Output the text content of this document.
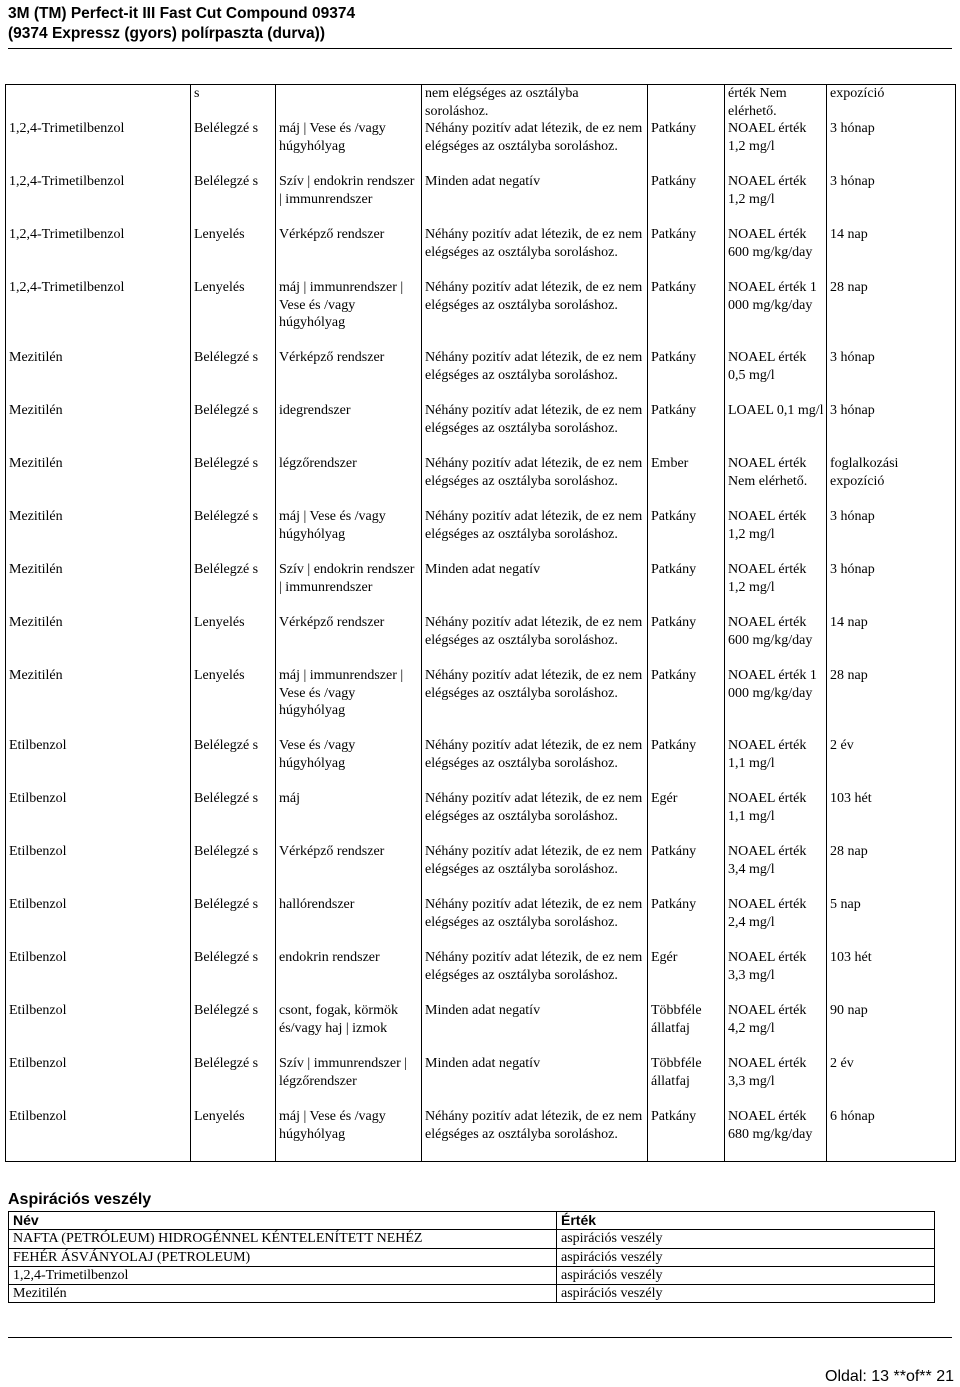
3M (TM) Perfect-it III Fast Cut Compound 09374

(9374 Expressz (gyors) polírpaszta (durva))

	s		nem elégséges az osztályba soroláshoz.		érték Nem elérhető.	expozíció
1,2,4-Trimetilbenzol	Belélegzé s	máj | Vese és /vagy húgyhólyag	Néhány pozitív adat létezik, de ez nem elégséges az osztályba soroláshoz.	Patkány	NOAEL érték 1,2 mg/l	3 hónap
1,2,4-Trimetilbenzol	Belélegzé s	Szív | endokrin rendszer | immunrendszer	Minden adat negatív	Patkány	NOAEL érték 1,2 mg/l	3 hónap
1,2,4-Trimetilbenzol	Lenyelés	Vérképző rendszer	Néhány pozitív adat létezik, de ez nem elégséges az osztályba soroláshoz.	Patkány	NOAEL érték 600 mg/kg/day	14 nap
1,2,4-Trimetilbenzol	Lenyelés	máj | immunrendszer | Vese és /vagy húgyhólyag	Néhány pozitív adat létezik, de ez nem elégséges az osztályba soroláshoz.	Patkány	NOAEL érték 1 000 mg/kg/day	28 nap
Mezitilén	Belélegzé s	Vérképző rendszer	Néhány pozitív adat létezik, de ez nem elégséges az osztályba soroláshoz.	Patkány	NOAEL érték 0,5 mg/l	3 hónap
Mezitilén	Belélegzé s	idegrendszer	Néhány pozitív adat létezik, de ez nem elégséges az osztályba soroláshoz.	Patkány	LOAEL 0,1 mg/l	3 hónap
Mezitilén	Belélegzé s	légzőrendszer	Néhány pozitív adat létezik, de ez nem elégséges az osztályba soroláshoz.	Ember	NOAEL érték Nem elérhető.	foglalkozási expozíció
Mezitilén	Belélegzé s	máj | Vese és /vagy húgyhólyag	Néhány pozitív adat létezik, de ez nem elégséges az osztályba soroláshoz.	Patkány	NOAEL érték 1,2 mg/l	3 hónap
Mezitilén	Belélegzé s	Szív | endokrin rendszer | immunrendszer	Minden adat negatív	Patkány	NOAEL érték 1,2 mg/l	3 hónap
Mezitilén	Lenyelés	Vérképző rendszer	Néhány pozitív adat létezik, de ez nem elégséges az osztályba soroláshoz.	Patkány	NOAEL érték 600 mg/kg/day	14 nap
Mezitilén	Lenyelés	máj | immunrendszer | Vese és /vagy húgyhólyag	Néhány pozitív adat létezik, de ez nem elégséges az osztályba soroláshoz.	Patkány	NOAEL érték 1 000 mg/kg/day	28 nap
Etilbenzol	Belélegzé s	Vese és /vagy húgyhólyag	Néhány pozitív adat létezik, de ez nem elégséges az osztályba soroláshoz.	Patkány	NOAEL érték 1,1 mg/l	2 év
Etilbenzol	Belélegzé s	máj	Néhány pozitív adat létezik, de ez nem elégséges az osztályba soroláshoz.	Egér	NOAEL érték 1,1 mg/l	103 hét
Etilbenzol	Belélegzé s	Vérképző rendszer	Néhány pozitív adat létezik, de ez nem elégséges az osztályba soroláshoz.	Patkány	NOAEL érték 3,4 mg/l	28 nap
Etilbenzol	Belélegzé s	hallórendszer	Néhány pozitív adat létezik, de ez nem elégséges az osztályba soroláshoz.	Patkány	NOAEL érték 2,4 mg/l	5 nap
Etilbenzol	Belélegzé s	endokrin rendszer	Néhány pozitív adat létezik, de ez nem elégséges az osztályba soroláshoz.	Egér	NOAEL érték 3,3 mg/l	103 hét
Etilbenzol	Belélegzé s	csont, fogak, körmök és/vagy haj | izmok	Minden adat negatív	Többféle állatfaj	NOAEL érték 4,2 mg/l	90 nap
Etilbenzol	Belélegzé s	Szív | immunrendszer | légzőrendszer	Minden adat negatív	Többféle állatfaj	NOAEL érték 3,3 mg/l	2 év
Etilbenzol	Lenyelés	máj | Vese és /vagy húgyhólyag	Néhány pozitív adat létezik, de ez nem elégséges az osztályba soroláshoz.	Patkány	NOAEL érték 680 mg/kg/day	6 hónap

Aspirációs veszély

Név	Érték
NAFTA (PETRÓLEUM) HIDROGÉNNEL KÉNTELENÍTETT NEHÉZ	aspirációs veszély
FEHÉR ÁSVÁNYOLAJ (PETROLEUM)	aspirációs veszély
1,2,4-Trimetilbenzol	aspirációs veszély
Mezitilén	aspirációs veszély
Oldal: 13 **of** 21
